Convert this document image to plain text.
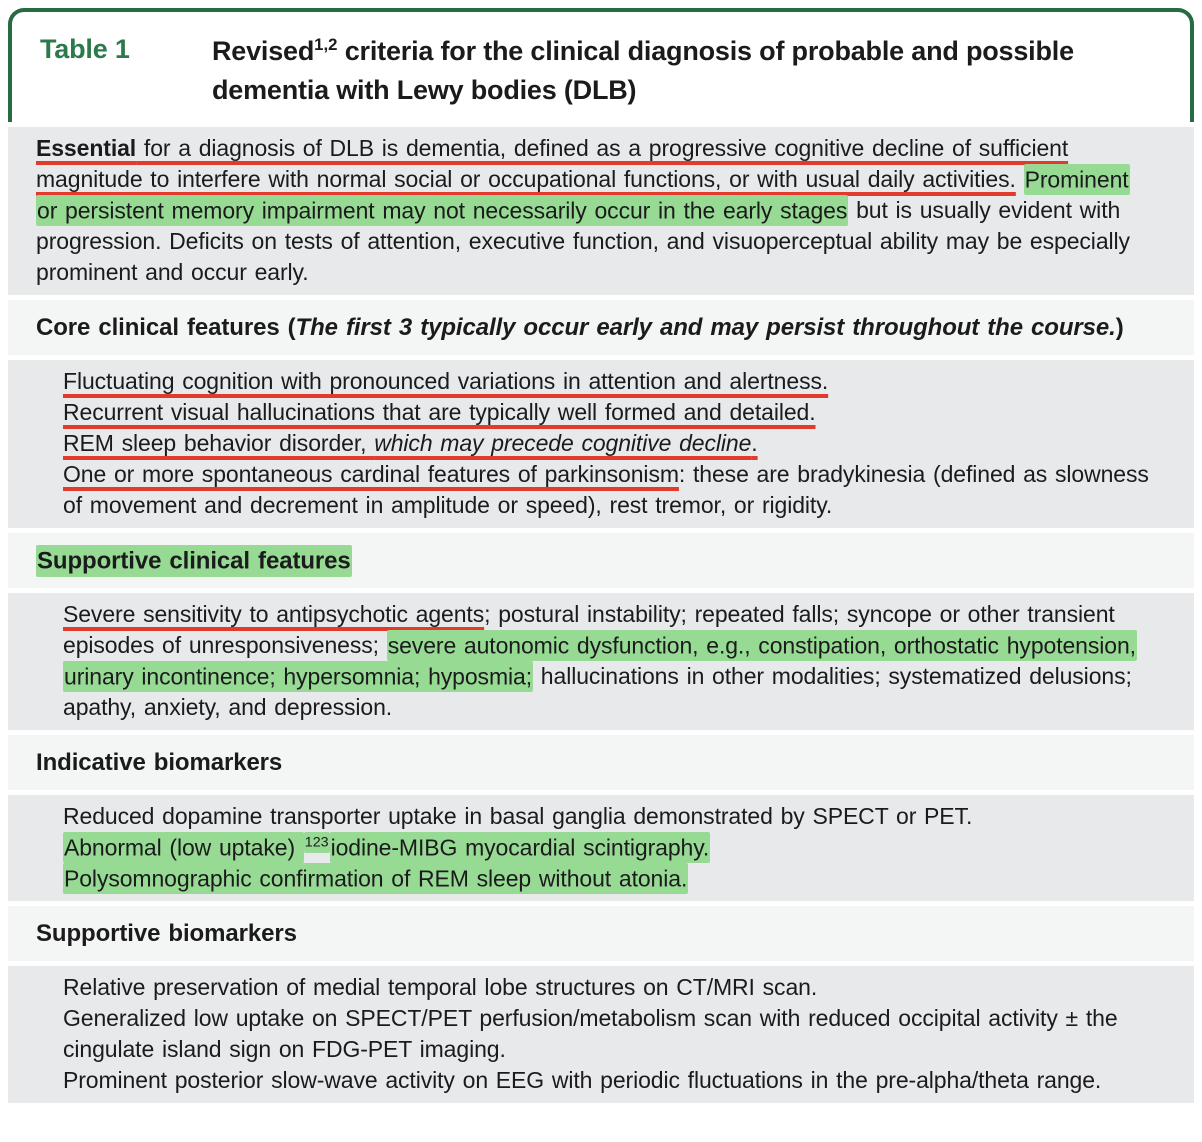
Table 1	Revised$^{1,2}$ criteria for the clinical diagnosis of probable and possible dementia with Lewy bodies (DLB)

Essential for a diagnosis of DLB is dementia, defined as a progressive cognitive decline of sufficient magnitude to interfere with normal social or occupational functions, or with usual daily activities. Prominent or persistent memory impairment may not necessarily occur in the early stages but is usually evident with progression. Deficits on tests of attention, executive function, and visuoperceptual ability may be especially prominent and occur early.

Core clinical features (The first 3 typically occur early and may persist throughout the course.)

Fluctuating cognition with pronounced variations in attention and alertness.

Recurrent visual hallucinations that are typically well formed and detailed.

REM sleep behavior disorder, which may precede cognitive decline.

One or more spontaneous cardinal features of parkinsonism: these are bradykinesia (defined as slowness of movement and decrement in amplitude or speed), rest tremor, or rigidity.

Supportive clinical features

Severe sensitivity to antipsychotic agents; postural instability; repeated falls; syncope or other transient episodes of unresponsiveness; severe autonomic dysfunction, e.g., constipation, orthostatic hypotension, urinary incontinence; hypersomnia; hyposmia; hallucinations in other modalities; systematized delusions; apathy, anxiety, and depression.

Indicative biomarkers

Reduced dopamine transporter uptake in basal ganglia demonstrated by SPECT or PET.

Abnormal (low uptake) $^{123}$iodine-MIBG myocardial scintigraphy.

Polysomnographic confirmation of REM sleep without atonia.

Supportive biomarkers

Relative preservation of medial temporal lobe structures on CT/MRI scan.

Generalized low uptake on SPECT/PET perfusion/metabolism scan with reduced occipital activity ± the cingulate island sign on FDG-PET imaging.

Prominent posterior slow-wave activity on EEG with periodic fluctuations in the pre-alpha/theta range.
